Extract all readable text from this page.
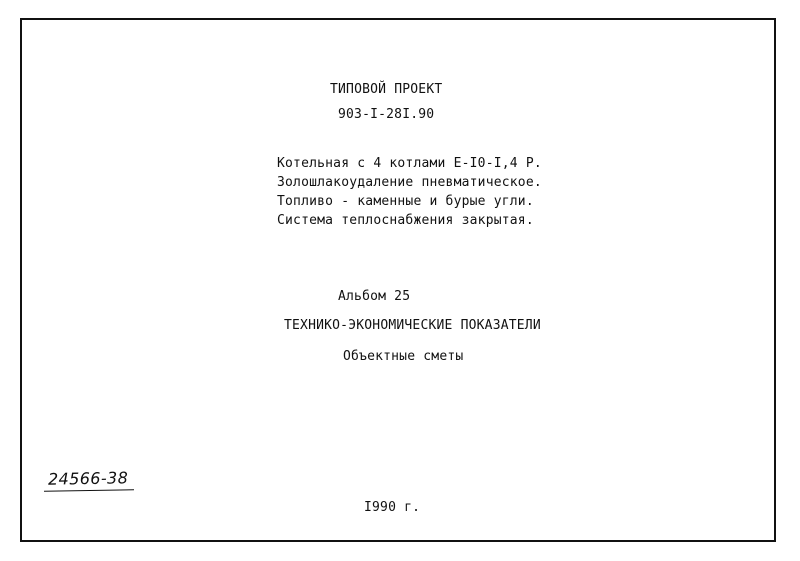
ТИПОВОЙ ПРОЕКТ
903-I-28I.90
Котельная с 4 котлами Е-I0-I,4 Р.
Золошлакоудаление пневматическое.
Топливо - каменные и бурые угли.
Система теплоснабжения закрытая.
Альбом 25
ТЕХНИКО-ЭКОНОМИЧЕСКИЕ ПОКАЗАТЕЛИ
Объектные сметы
24566-38
I990 г.
